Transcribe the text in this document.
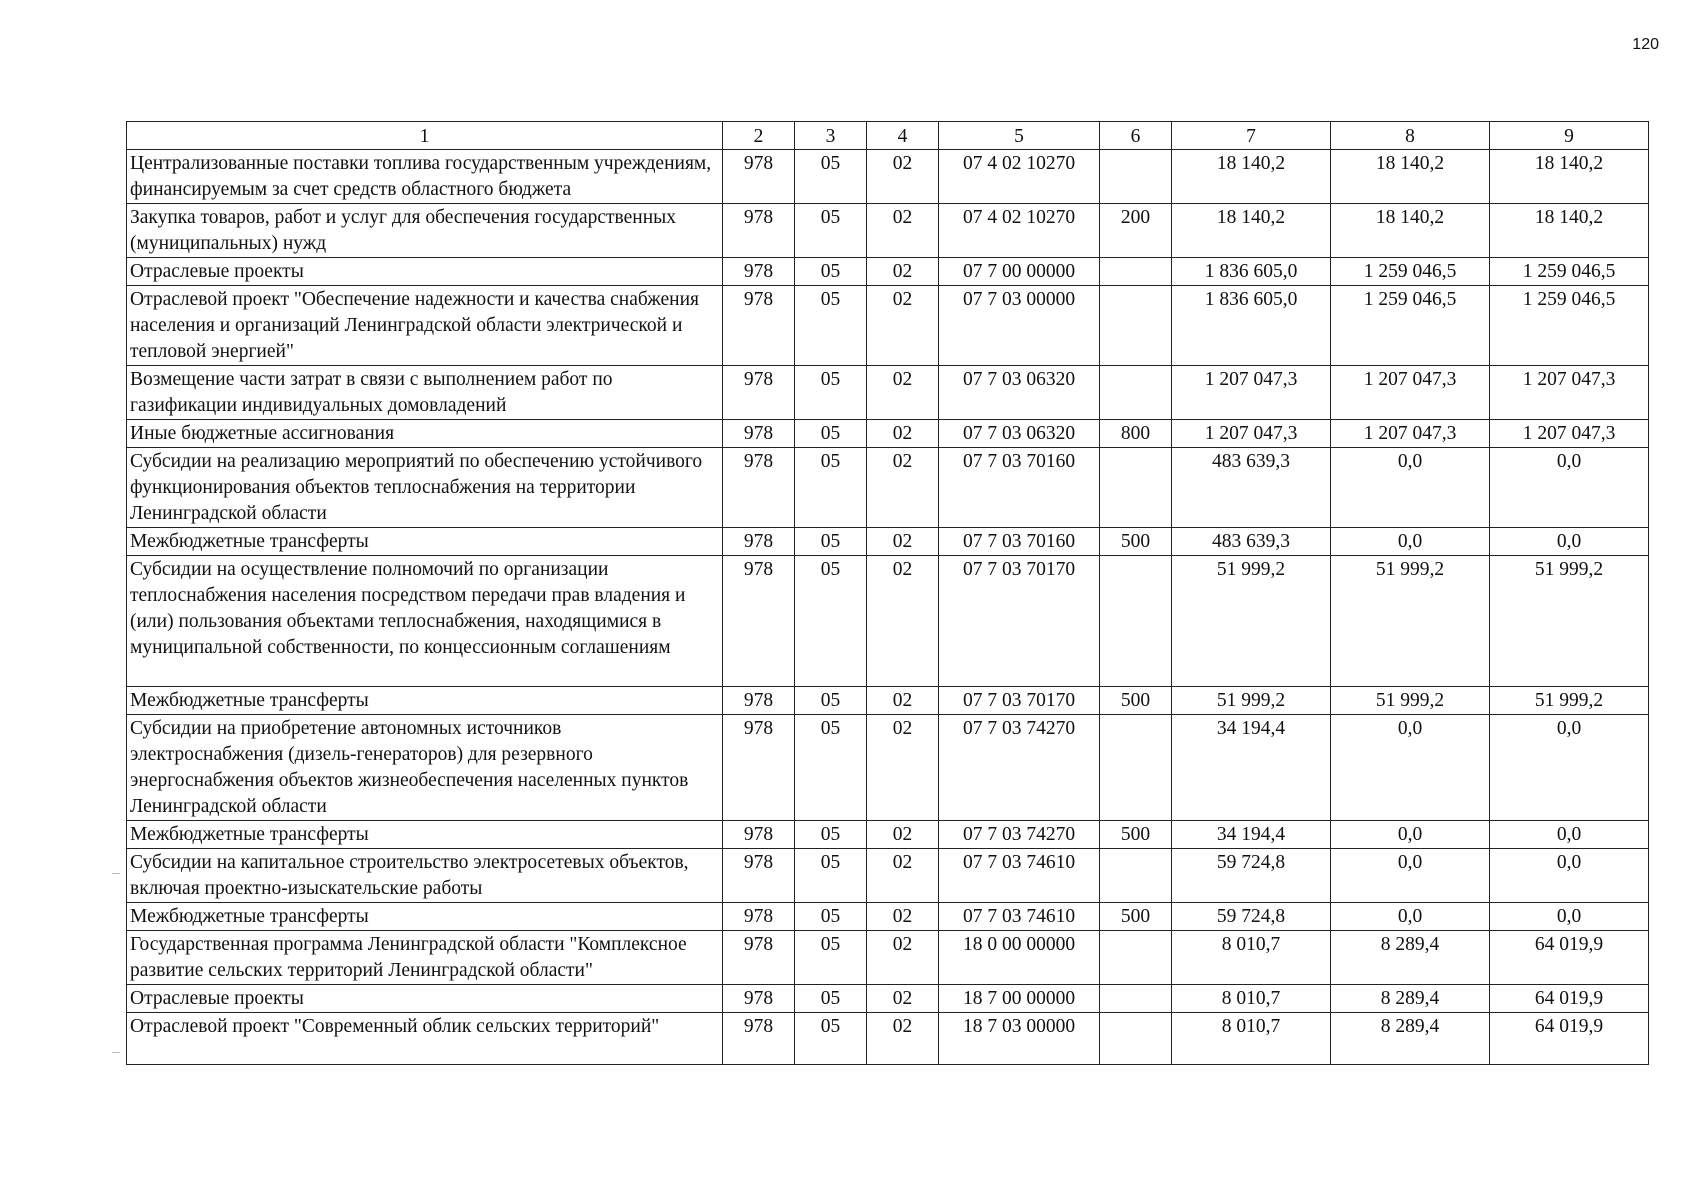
120
1	2	3	4	5	6	7	8	9
Централизованные поставки топлива государственным учреждениям, финансируемым за счет средств областного бюджета	978	05	02	07 4 02 10270		18 140,2	18 140,2	18 140,2
Закупка товаров, работ и услуг для обеспечения государственных (муниципальных) нужд	978	05	02	07 4 02 10270	200	18 140,2	18 140,2	18 140,2
Отраслевые проекты	978	05	02	07 7 00 00000		1 836 605,0	1 259 046,5	1 259 046,5
Отраслевой проект "Обеспечение надежности и качества снабжения населения и организаций Ленинградской области электрической и тепловой энергией"	978	05	02	07 7 03 00000		1 836 605,0	1 259 046,5	1 259 046,5
Возмещение части затрат в связи с выполнением работ по газификации индивидуальных домовладений	978	05	02	07 7 03 06320		1 207 047,3	1 207 047,3	1 207 047,3
Иные бюджетные ассигнования	978	05	02	07 7 03 06320	800	1 207 047,3	1 207 047,3	1 207 047,3
Субсидии на реализацию мероприятий по обеспечению устойчивого функционирования объектов теплоснабжения на территории Ленинградской области	978	05	02	07 7 03 70160		483 639,3	0,0	0,0
Межбюджетные трансферты	978	05	02	07 7 03 70160	500	483 639,3	0,0	0,0
Субсидии на осуществление полномочий по организации теплоснабжения населения посредством передачи прав владения и (или) пользования объектами теплоснабжения, находящимися в муниципальной собственности, по концессионным соглашениям	978	05	02	07 7 03 70170		51 999,2	51 999,2	51 999,2
Межбюджетные трансферты	978	05	02	07 7 03 70170	500	51 999,2	51 999,2	51 999,2
Субсидии на приобретение автономных источников электроснабжения (дизель-генераторов) для резервного энергоснабжения объектов жизнеобеспечения населенных пунктов Ленинградской области	978	05	02	07 7 03 74270		34 194,4	0,0	0,0
Межбюджетные трансферты	978	05	02	07 7 03 74270	500	34 194,4	0,0	0,0
Субсидии на капитальное строительство электросетевых объектов, включая проектно-изыскательские работы	978	05	02	07 7 03 74610		59 724,8	0,0	0,0
Межбюджетные трансферты	978	05	02	07 7 03 74610	500	59 724,8	0,0	0,0
Государственная программа Ленинградской области "Комплексное развитие сельских территорий Ленинградской области"	978	05	02	18 0 00 00000		8 010,7	8 289,4	64 019,9
Отраслевые проекты	978	05	02	18 7 00 00000		8 010,7	8 289,4	64 019,9
Отраслевой проект "Современный облик сельских территорий"	978	05	02	18 7 03 00000		8 010,7	8 289,4	64 019,9
